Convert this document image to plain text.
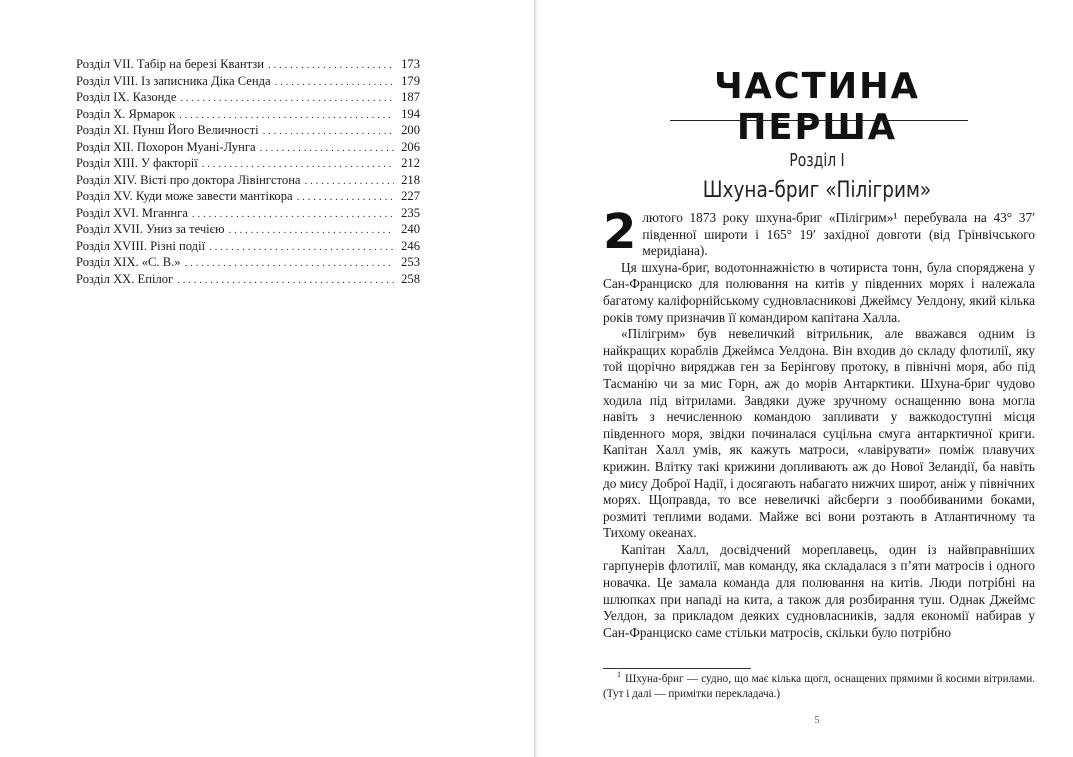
Розділ VII. Табір на березі Квантзи . . .	173
Розділ VIII. Із записника Діка Сенда . . .	179
Розділ IX. Казонде . . .	187
Розділ X. Ярмарок . . .	194
Розділ XI. Пунш Його Величності . . .	200
Розділ XII. Похорон Муані-Лунга . . .	206
Розділ XIII. У факторії . . .	212
Розділ XIV. Вісті про доктора Лівінгстона . . .	218
Розділ XV. Куди може завести мантікора . . .	227
Розділ XVI. Мганнга . . .	235
Розділ XVII. Униз за течією . . .	240
Розділ XVIII. Різні події . . .	246
Розділ XIX. «С. В.» . . .	253
Розділ XX. Епілог . . .	258
ЧАСТИНА ПЕРША
Розділ I
Шхуна-бриг «Пілігрим»

2 лютого 1873 року шхуна-бриг «Пілігрим»¹ перебувала на 43° 37′ південної широти і 165° 19′ західної довготи (від Грінвічського меридіана).

Ця шхуна-бриг, водотоннажністю в чотириста тонн, була споряджена у Сан-Франциско для полювання на китів у південних морях і належала багатому каліфорнійському судновласникові Джеймсу Уелдону, який кілька років тому призначив її командиром капітана Халла.

«Пілігрим» був невеличкий вітрильник, але вважався одним із найкращих кораблів Джеймса Уелдона. Він входив до складу флотилії, яку той щорічно виряджав ген за Берінгову протоку, в північні моря, або під Тасманію чи за мис Горн, аж до морів Антарктики. Шхуна-бриг чудово ходила під вітрилами. Завдяки дуже зручному оснащенню вона могла навіть з нечисленною командою запливати у важкодоступні місця південного моря, звідки починалася суцільна смуга антарктичної криги. Капітан Халл умів, як кажуть матроси, «лавірувати» поміж плавучих крижин. Влітку такі крижини допливають аж до Нової Зеландії, ба навіть до мису Доброї Надії, і досягають набагато нижчих широт, аніж у північних морях. Щоправда, то все невеличкі айсберги з пооббиваними боками, розмиті теплими водами. Майже всі вони розтають в Атлантичному та Тихому океанах.

Капітан Халл, досвідчений мореплавець, один із найвправніших гарпунерів флотилії, мав команду, яка складалася з п’яти матросів і одного новачка. Це замала команда для полювання на китів. Люди потрібні на шлюпках при нападі на кита, а також для розбирання туш. Однак Джеймс Уелдон, за прикладом деяких судновласників, задля економії набирав у Сан-Франциско саме стільки матросів, скільки було потрібно

$^1$ Шхуна-бриг — судно, що має кілька щогл, оснащених прямими й косими вітрилами. (Тут і далі — примітки перекладача.)
5
